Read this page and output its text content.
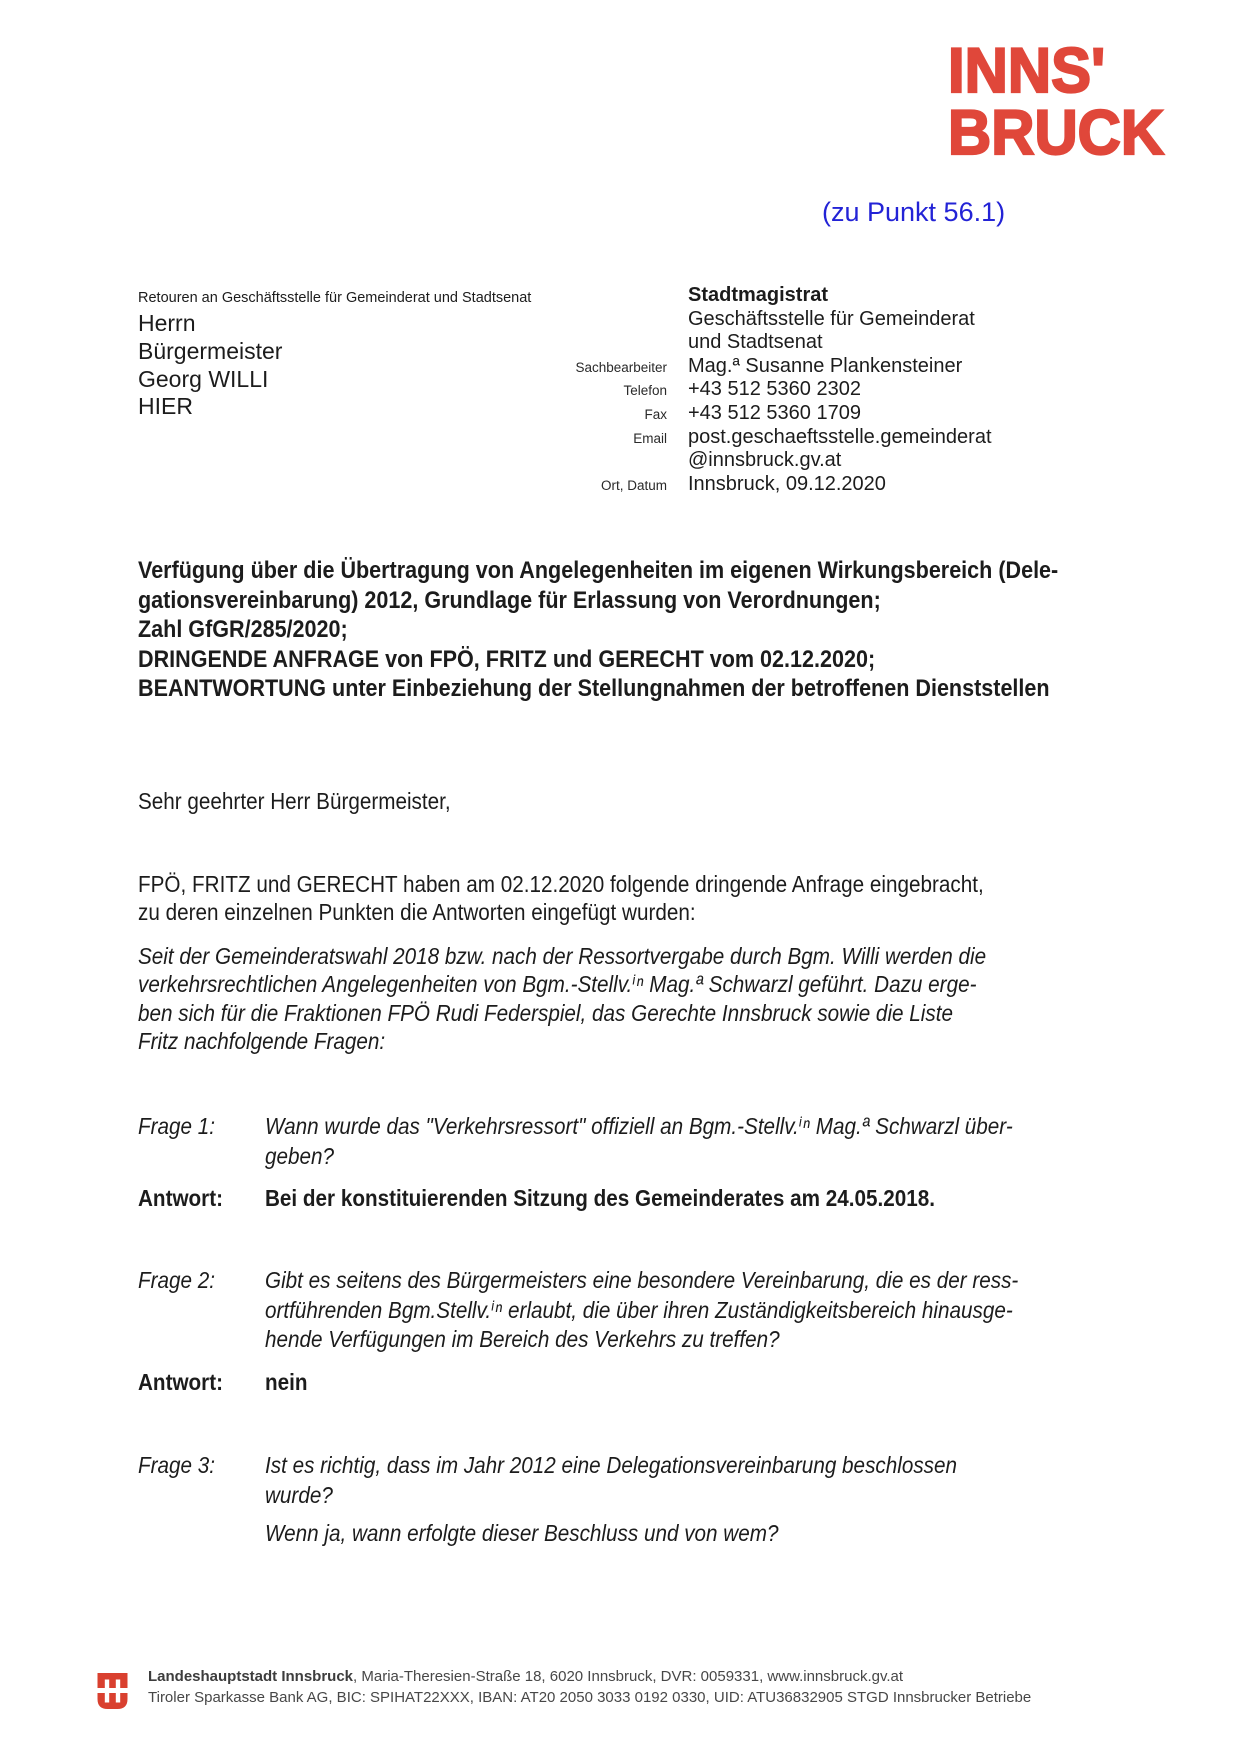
INNS'
BRUCK
(zu Punkt 56.1)
Retouren an Geschäftsstelle für Gemeinderat und Stadtsenat
Herrn
Bürgermeister
Georg WILLI
HIER
Stadtmagistrat
Geschäftsstelle für Gemeinderat
und Stadtsenat
Sachbearbeiter Mag.ª Susanne Plankensteiner
Telefon +43 512 5360 2302
Fax +43 512 5360 1709
Email post.geschaeftsstelle.gemeinderat
@innsbruck.gv.at
Ort, Datum Innsbruck, 09.12.2020
Verfügung über die Übertragung von Angelegenheiten im eigenen Wirkungsbereich (Dele-
gationsvereinbarung) 2012, Grundlage für Erlassung von Verordnungen;
Zahl GfGR/285/2020;
DRINGENDE ANFRAGE von FPÖ, FRITZ und GERECHT vom 02.12.2020;
BEANTWORTUNG unter Einbeziehung der Stellungnahmen der betroffenen Dienststellen
Sehr geehrter Herr Bürgermeister,
FPÖ, FRITZ und GERECHT haben am 02.12.2020 folgende dringende Anfrage eingebracht,
zu deren einzelnen Punkten die Antworten eingefügt wurden:
Seit der Gemeinderatswahl 2018 bzw. nach der Ressortvergabe durch Bgm. Willi werden die
verkehrsrechtlichen Angelegenheiten von Bgm.-Stellv.ⁱⁿ Mag.ª Schwarzl geführt. Dazu erge-
ben sich für die Fraktionen FPÖ Rudi Federspiel, das Gerechte Innsbruck sowie die Liste
Fritz nachfolgende Fragen:
Frage 1:	Wann wurde das "Verkehrsressort" offiziell an Bgm.-Stellv.ⁱⁿ Mag.ª Schwarzl über-
geben?
Antwort:	Bei der konstituierenden Sitzung des Gemeinderates am 24.05.2018.
Frage 2:	Gibt es seitens des Bürgermeisters eine besondere Vereinbarung, die es der ress-
ortführenden Bgm.Stellv.ⁱⁿ erlaubt, die über ihren Zuständigkeitsbereich hinausge-
hende Verfügungen im Bereich des Verkehrs zu treffen?
Antwort:	nein
Frage 3:	Ist es richtig, dass im Jahr 2012 eine Delegationsvereinbarung beschlossen
wurde?
Wenn ja, wann erfolgte dieser Beschluss und von wem?
Landeshauptstadt Innsbruck, Maria-Theresien-Straße 18, 6020 Innsbruck, DVR: 0059331, www.innsbruck.gv.at
Tiroler Sparkasse Bank AG, BIC: SPIHAT22XXX, IBAN: AT20 2050 3033 0192 0330, UID: ATU36832905 STGD Innsbrucker Betriebe
